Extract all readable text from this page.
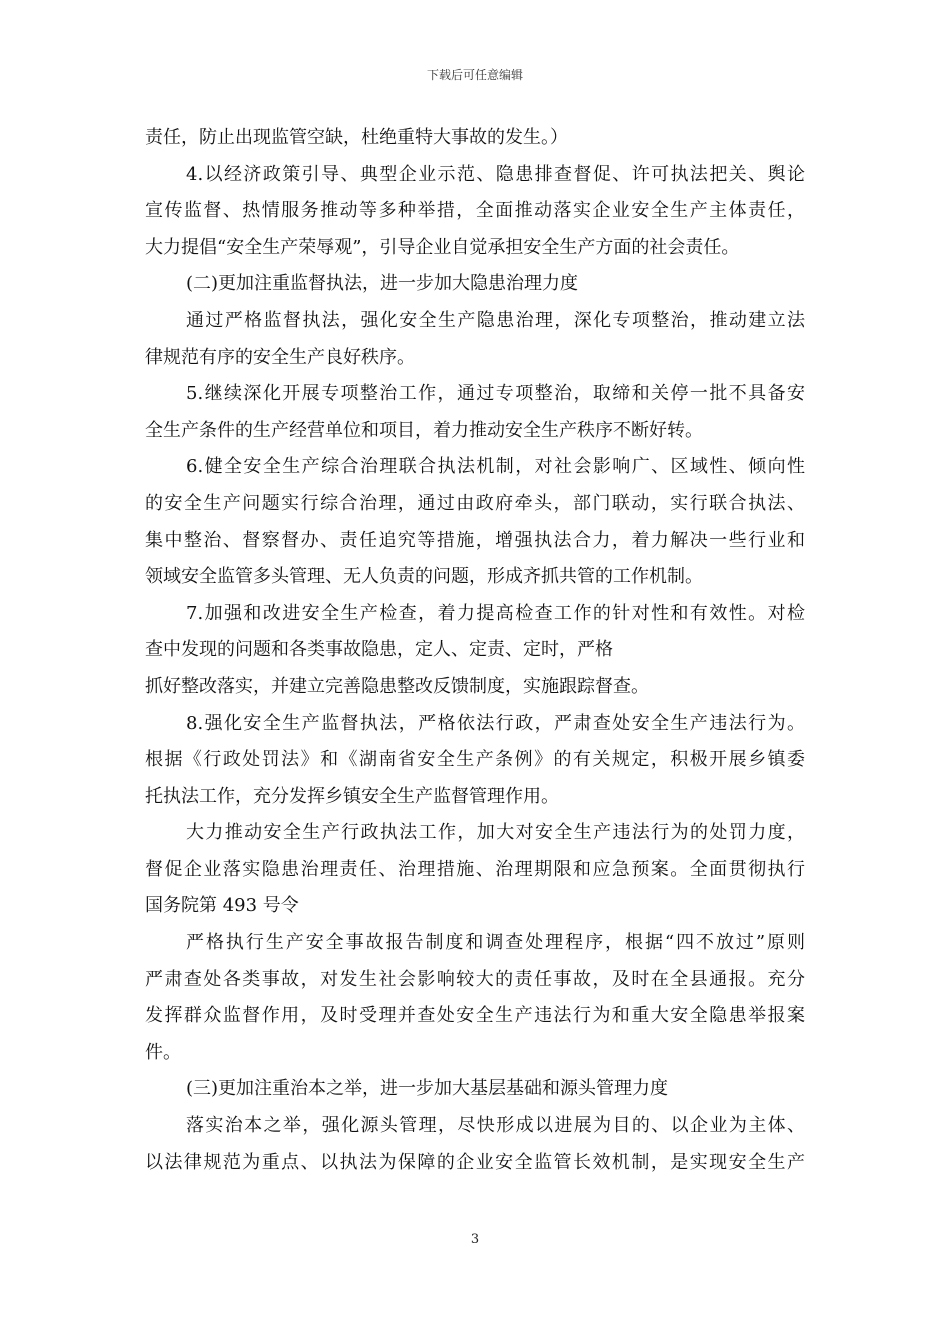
下载后可任意编辑
责任，防止出现监管空缺，杜绝重特大事故的发生。）
4.以经济政策引导、典型企业示范、隐患排查督促、许可执法把关、舆论
宣传监督、热情服务推动等多种举措，全面推动落实企业安全生产主体责任，
大力提倡“安全生产荣辱观”，引导企业自觉承担安全生产方面的社会责任。
(二)更加注重监督执法，进一步加大隐患治理力度
通过严格监督执法，强化安全生产隐患治理，深化专项整治，推动建立法
律规范有序的安全生产良好秩序。
5.继续深化开展专项整治工作，通过专项整治，取缔和关停一批不具备安
全生产条件的生产经营单位和项目，着力推动安全生产秩序不断好转。
6.健全安全生产综合治理联合执法机制，对社会影响广、区域性、倾向性
的安全生产问题实行综合治理，通过由政府牵头，部门联动，实行联合执法、
集中整治、督察督办、责任追究等措施，增强执法合力，着力解决一些行业和
领域安全监管多头管理、无人负责的问题，形成齐抓共管的工作机制。
7.加强和改进安全生产检查，着力提高检查工作的针对性和有效性。对检
查中发现的问题和各类事故隐患，定人、定责、定时，严格
抓好整改落实，并建立完善隐患整改反馈制度，实施跟踪督查。
8.强化安全生产监督执法，严格依法行政，严肃查处安全生产违法行为。
根据《行政处罚法》和《湖南省安全生产条例》的有关规定，积极开展乡镇委
托执法工作，充分发挥乡镇安全生产监督管理作用。
大力推动安全生产行政执法工作，加大对安全生产违法行为的处罚力度，
督促企业落实隐患治理责任、治理措施、治理期限和应急预案。全面贯彻执行
国务院第 493 号令
严格执行生产安全事故报告制度和调查处理程序，根据“四不放过”原则
严肃查处各类事故，对发生社会影响较大的责任事故，及时在全县通报。充分
发挥群众监督作用，及时受理并查处安全生产违法行为和重大安全隐患举报案
件。
(三)更加注重治本之举，进一步加大基层基础和源头管理力度
落实治本之举，强化源头管理，尽快形成以进展为目的、以企业为主体、
以法律规范为重点、以执法为保障的企业安全监管长效机制，是实现安全生产
3
